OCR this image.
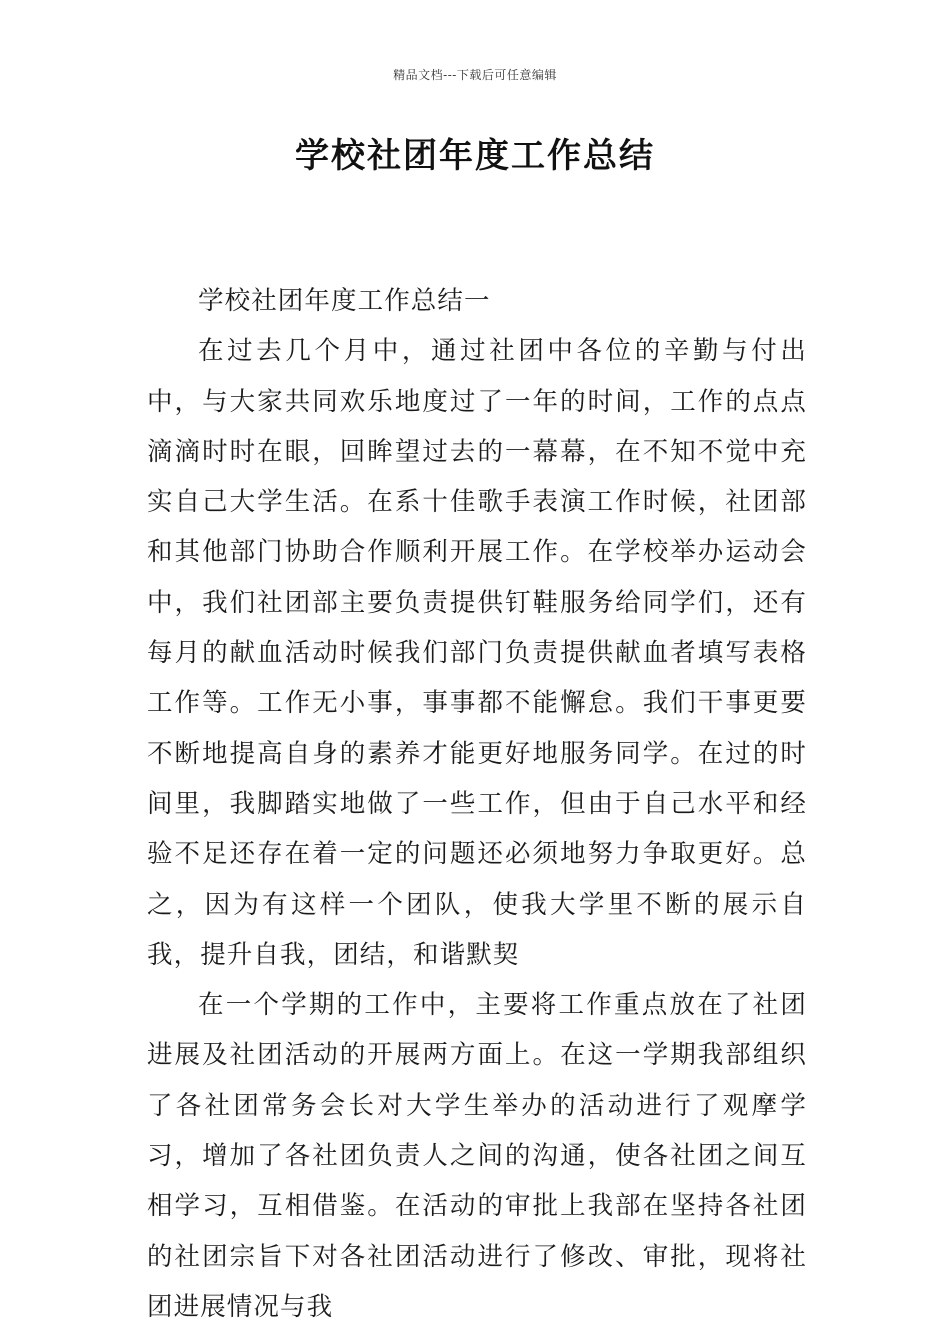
精品文档---下载后可任意编辑
学校社团年度工作总结

学校社团年度工作总结一

在过去几个月中，通过社团中各位的辛勤与付出中，与大家共同欢乐地度过了一年的时间，工作的点点滴滴时时在眼，回眸望过去的一幕幕，在不知不觉中充实自己大学生活。在系十佳歌手表演工作时候，社团部和其他部门协助合作顺利开展工作。在学校举办运动会中，我们社团部主要负责提供钉鞋服务给同学们，还有每月的献血活动时候我们部门负责提供献血者填写表格工作等。工作无小事，事事都不能懈怠。我们干事更要不断地提高自身的素养才能更好地服务同学。在过的时间里，我脚踏实地做了一些工作，但由于自己水平和经验不足还存在着一定的问题还必须地努力争取更好。总之，因为有这样一个团队，使我大学里不断的展示自我，提升自我，团结，和谐默契

在一个学期的工作中，主要将工作重点放在了社团进展及社团活动的开展两方面上。在这一学期我部组织了各社团常务会长对大学生举办的活动进行了观摩学习，增加了各社团负责人之间的沟通，使各社团之间互相学习，互相借鉴。在活动的审批上我部在坚持各社团的社团宗旨下对各社团活动进行了修改、审批，现将社团进展情况与我
